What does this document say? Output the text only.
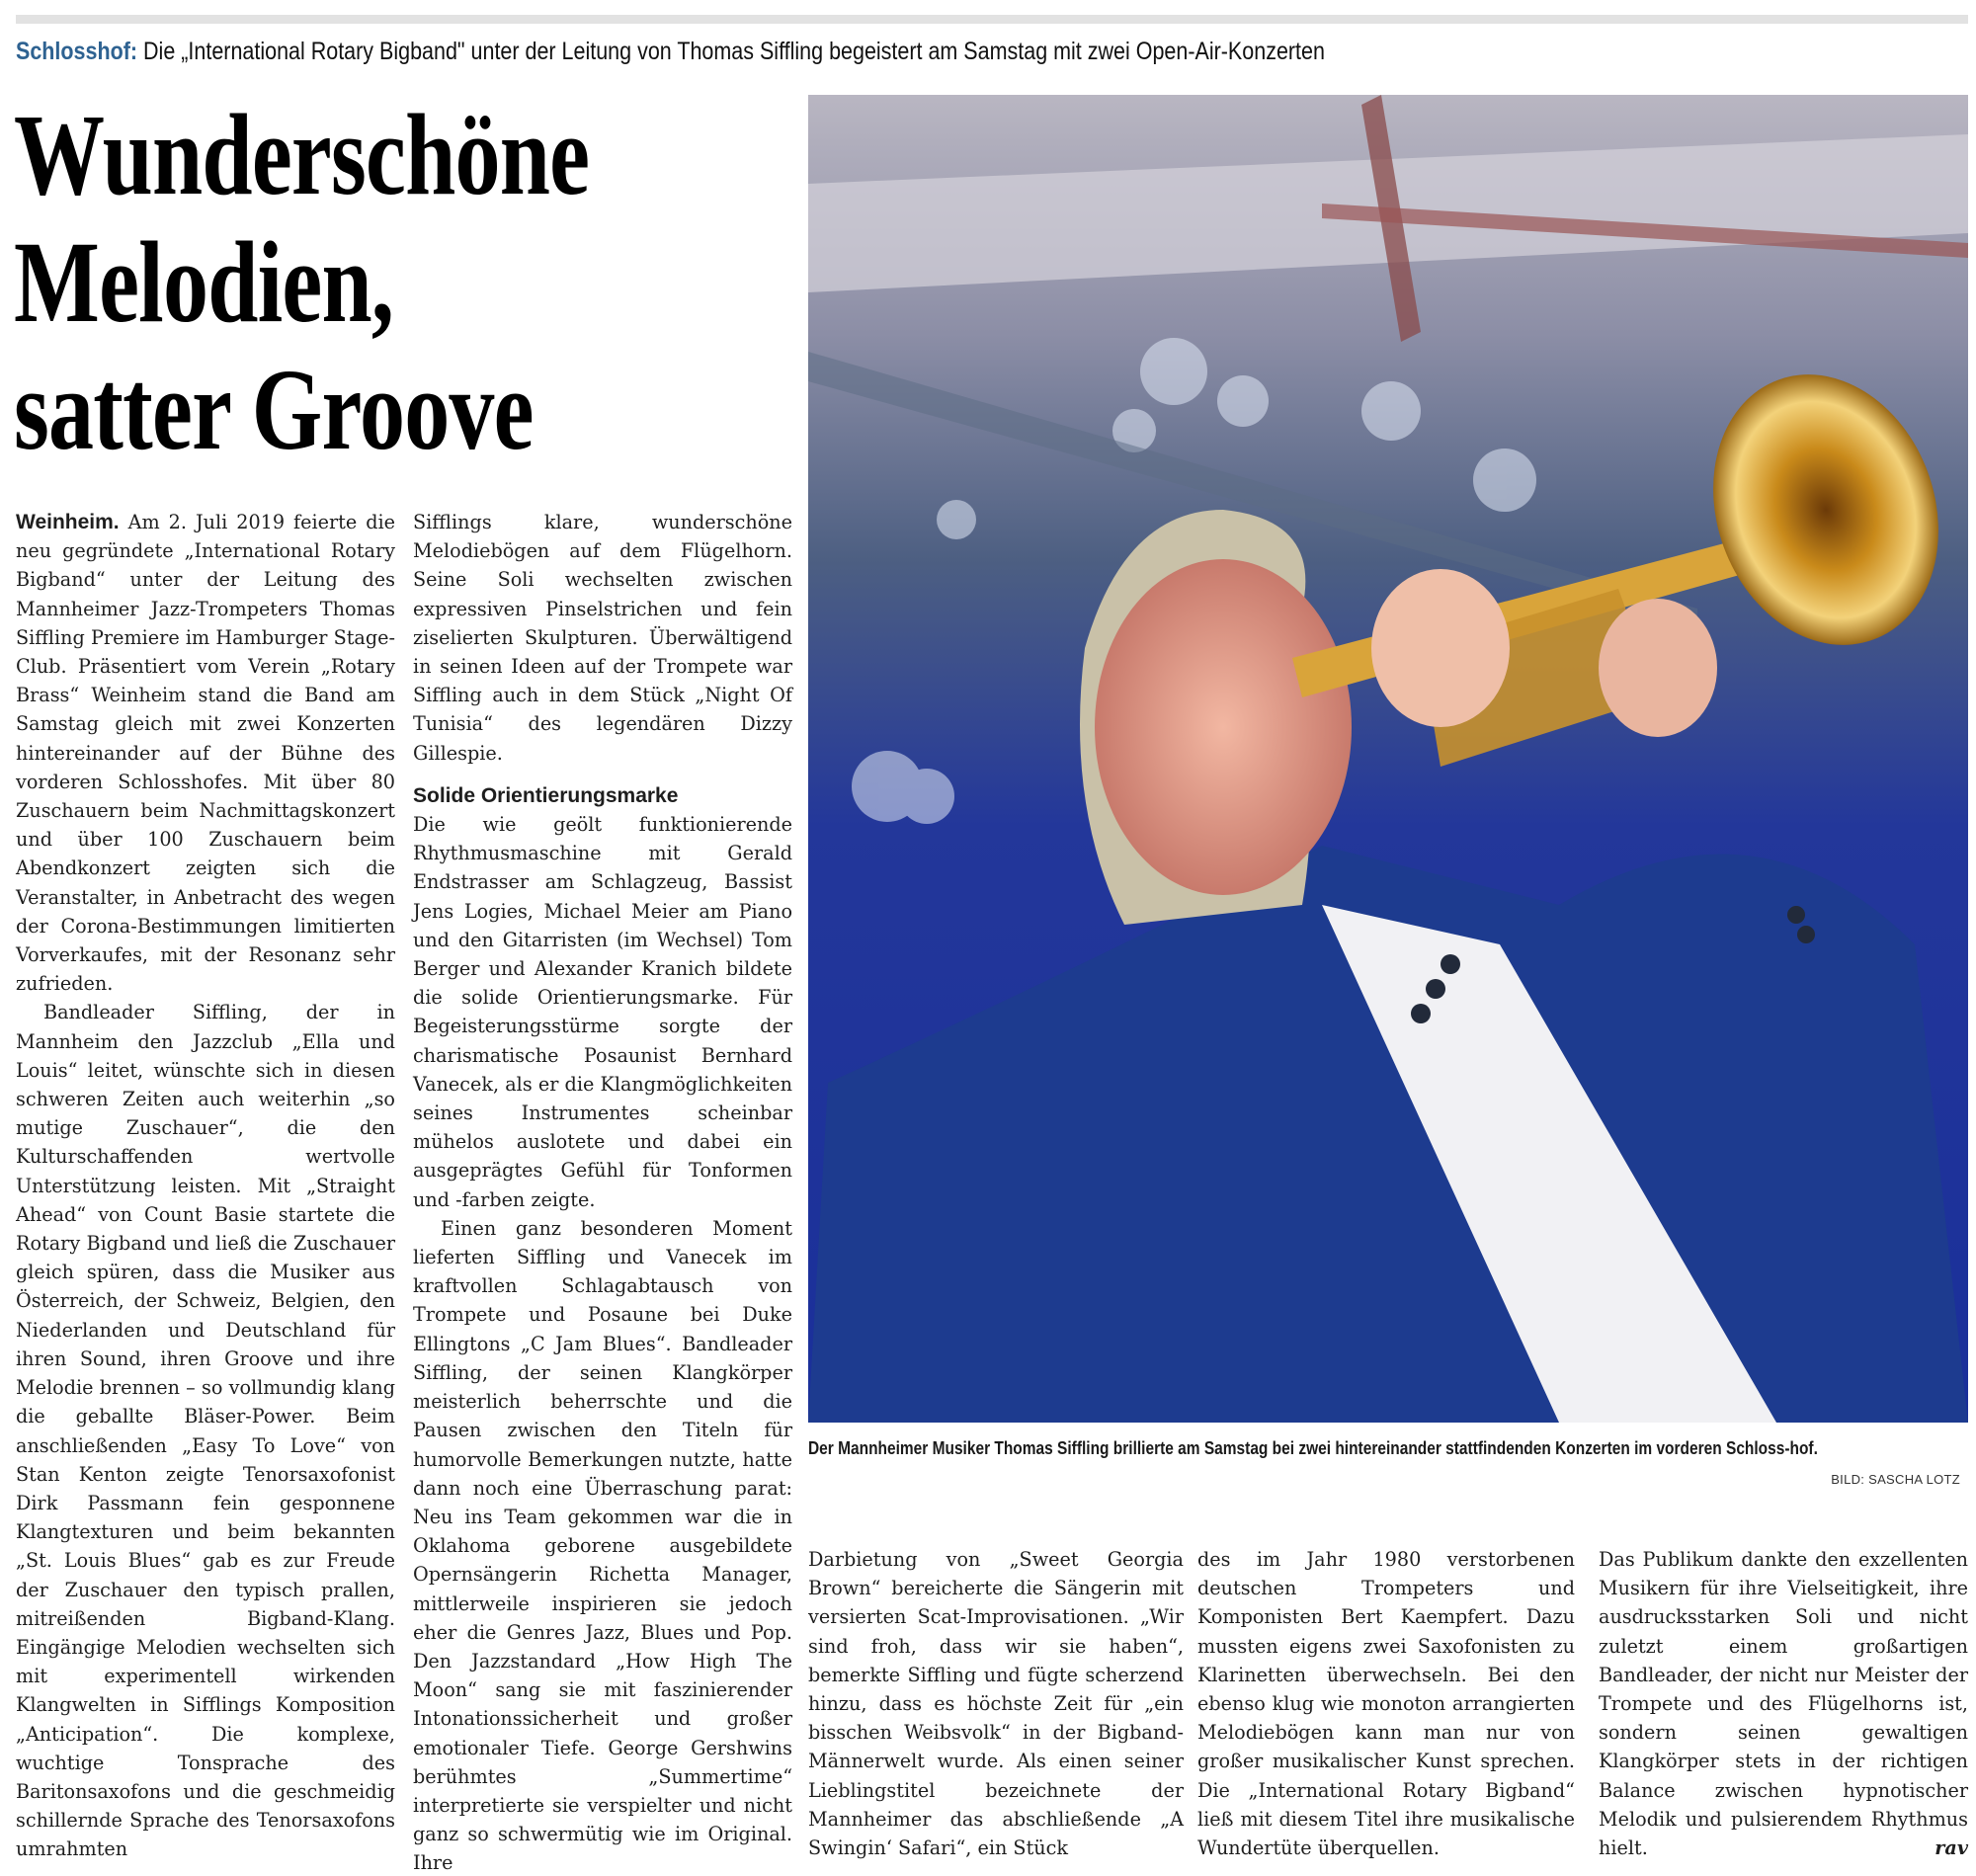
Schlosshof: Die „International Rotary Bigband" unter der Leitung von Thomas Siffling begeistert am Samstag mit zwei Open-Air-Konzerten
Wunderschöne
Melodien,
satter Groove

Weinheim. Am 2. Juli 2019 feierte die neu gegründete „International Rotary Bigband“ unter der Leitung des Mannheimer Jazz-Trompeters Thomas Siffling Premiere im Hamburger Stage-Club. Präsentiert vom Verein „Rotary Brass“ Weinheim stand die Band am Samstag gleich mit zwei Konzerten hintereinander auf der Bühne des vorderen Schlosshofes. Mit über 80 Zuschauern beim Nachmittagskonzert und über 100 Zuschauern beim Abendkonzert zeigten sich die Veranstalter, in Anbetracht des wegen der Corona-Bestimmungen limitierten Vorverkaufes, mit der Resonanz sehr zufrieden.

Bandleader Siffling, der in Mannheim den Jazzclub „Ella und Louis“ leitet, wünschte sich in diesen schweren Zeiten auch weiterhin „so mutige Zuschauer“, die den Kulturschaffenden wertvolle Unterstützung leisten. Mit „Straight Ahead“ von Count Basie startete die Rotary Bigband und ließ die Zuschauer gleich spüren, dass die Musiker aus Österreich, der Schweiz, Belgien, den Niederlanden und Deutschland für ihren Sound, ihren Groove und ihre Melodie brennen – so vollmundig klang die geballte Bläser-Power. Beim anschließenden „Easy To Love“ von Stan Kenton zeigte Tenorsaxofonist Dirk Passmann fein gesponnene Klangtexturen und beim bekannten „St. Louis Blues“ gab es zur Freude der Zuschauer den typisch prallen, mitreißenden Bigband-Klang. Eingängige Melodien wechselten sich mit experimentell wirkenden Klangwelten in Sifflings Komposition „Anticipation“. Die komplexe, wuchtige Tonsprache des Baritonsaxofons und die geschmeidig schillernde Sprache des Tenorsaxofons umrahmten

Sifflings klare, wunderschöne Melodiebögen auf dem Flügelhorn. Seine Soli wechselten zwischen expressiven Pinselstrichen und fein ziselierten Skulpturen. Überwältigend in seinen Ideen auf der Trompete war Siffling auch in dem Stück „Night Of Tunisia“ des legendären Dizzy Gillespie.

Solide Orientierungsmarke

Die wie geölt funktionierende Rhythmusmaschine mit Gerald Endstrasser am Schlagzeug, Bassist Jens Logies, Michael Meier am Piano und den Gitarristen (im Wechsel) Tom Berger und Alexander Kranich bildete die solide Orientierungsmarke. Für Begeisterungsstürme sorgte der charismatische Posaunist Bernhard Vanecek, als er die Klangmöglichkeiten seines Instrumentes scheinbar mühelos auslotete und dabei ein ausgeprägtes Gefühl für Tonformen und -farben zeigte.

Einen ganz besonderen Moment lieferten Siffling und Vanecek im kraftvollen Schlagabtausch von Trompete und Posaune bei Duke Ellingtons „C Jam Blues“. Bandleader Siffling, der seinen Klangkörper meisterlich beherrschte und die Pausen zwischen den Titeln für humorvolle Bemerkungen nutzte, hatte dann noch eine Überraschung parat: Neu ins Team gekommen war die in Oklahoma geborene ausgebildete Opernsängerin Richetta Manager, mittlerweile inspirieren sie jedoch eher die Genres Jazz, Blues und Pop. Den Jazzstandard „How High The Moon“ sang sie mit faszinierender Intonationssicherheit und großer emotionaler Tiefe. George Gershwins berühmtes „Summertime“ interpretierte sie verspielter und nicht ganz so schwermütig wie im Original. Ihre

Der Mannheimer Musiker Thomas Siffling brillierte am Samstag bei zwei hintereinander stattfindenden Konzerten im vorderen Schloss-hof.
BILD: SASCHA LOTZ

Darbietung von „Sweet Georgia Brown“ bereicherte die Sängerin mit versierten Scat-Improvisationen. „Wir sind froh, dass wir sie haben“, bemerkte Siffling und fügte scherzend hinzu, dass es höchste Zeit für „ein bisschen Weibsvolk“ in der Bigband-Männerwelt wurde. Als einen seiner Lieblingstitel bezeichnete der Mannheimer das abschließende „A Swingin‘ Safari“, ein Stück

des im Jahr 1980 verstorbenen deutschen Trompeters und Komponisten Bert Kaempfert. Dazu mussten eigens zwei Saxofonisten zu Klarinetten überwechseln. Bei den ebenso klug wie monoton arrangierten Melodiebögen kann man nur von großer musikalischer Kunst sprechen. Die „International Rotary Bigband“ ließ mit diesem Titel ihre musikalische Wundertüte überquellen.

Das Publikum dankte den exzellenten Musikern für ihre Vielseitigkeit, ihre ausdrucksstarken Soli und nicht zuletzt einem großartigen Bandleader, der nicht nur Meister der Trompete und des Flügelhorns ist, sondern seinen gewaltigen Klangkörper stets in der richtigen Balance zwischen hypnotischer Melodik und pulsierendem Rhythmus hielt.	rav
